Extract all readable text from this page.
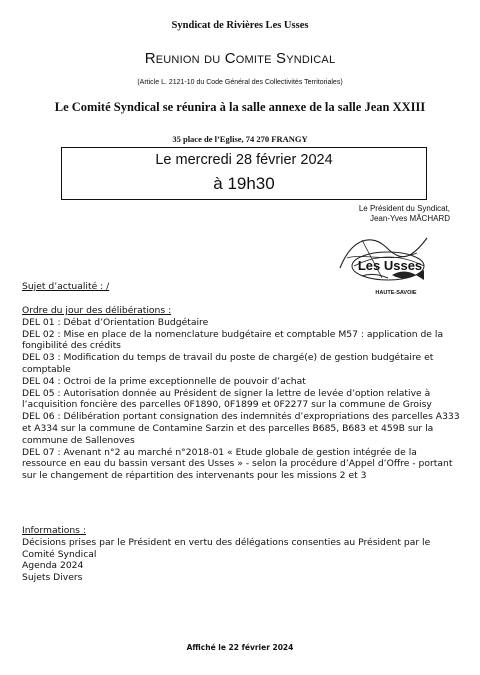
Syndicat de Rivières Les Usses
Reunion du Comite Syndical
(Article L. 2121-10 du Code Général des Collectivités Territoriales)
Le Comité Syndical se réunira à la salle annexe de la salle Jean XXIII
35 place de l’Eglise, 74 270 FRANGY
Le mercredi 28 février 2024
à 19h30
Le Président du Syndicat,
Jean-Yves MÂCHARD
Les Usses
HAUTE-SAVOIE
Sujet d’actualité : /
Ordre du jour des délibérations :

DEL 01 : Débat d’Orientation Budgétaire

DEL 02 : Mise en place de la nomenclature budgétaire et comptable M57 : application de la fongibilité des crédits

DEL 03 : Modification du temps de travail du poste de chargé(e) de gestion budgétaire et comptable

DEL 04 : Octroi de la prime exceptionnelle de pouvoir d’achat

DEL 05 : Autorisation donnée au Président de signer la lettre de levée d’option relative à l’acquisition foncière des parcelles 0F1890, 0F1899 et 0F2277 sur la commune de Groisy

DEL 06 : Délibération portant consignation des indemnités d’expropriations des parcelles A333 et A334 sur la commune de Contamine Sarzin et des parcelles B685, B683 et 459B sur la commune de Sallenoves

DEL 07 : Avenant n°2 au marché n°2018-01 « Etude globale de gestion intégrée de la ressource en eau du bassin versant des Usses » - selon la procédure d’Appel d’Offre - portant sur le changement de répartition des intervenants pour les missions 2 et 3

Informations :

Décisions prises par le Président en vertu des délégations consenties au Président par le Comité Syndical

Agenda 2024

Sujets Divers

Affiché le 22 février 2024
